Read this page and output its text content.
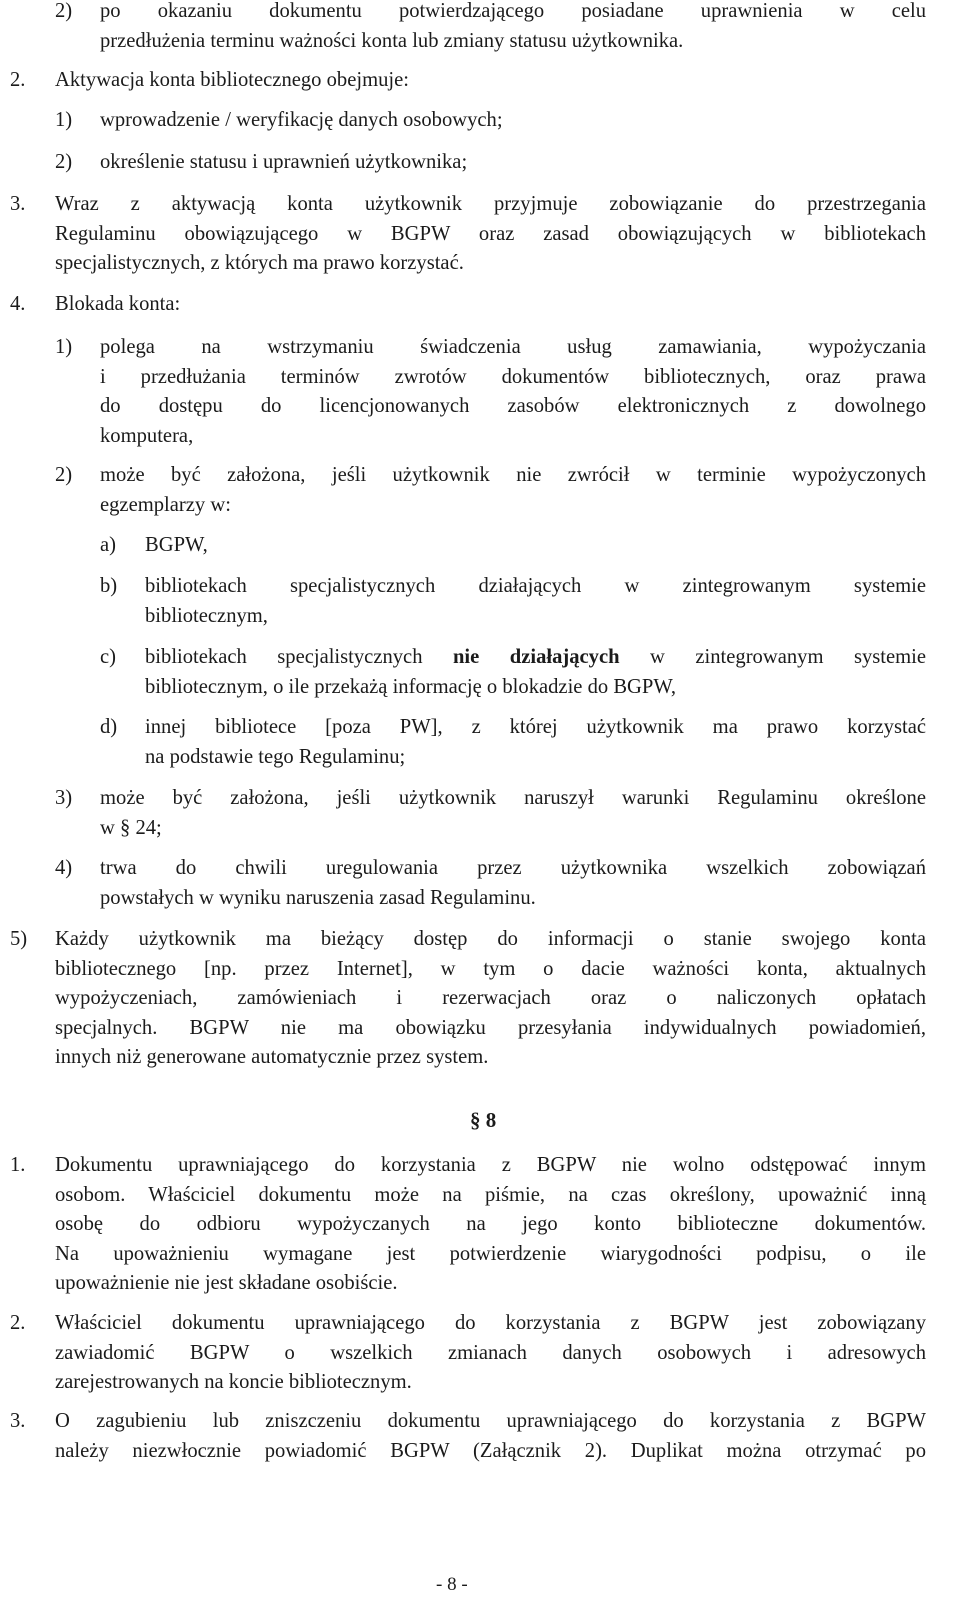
2) po okazaniu dokumentu potwierdzającego posiadane uprawnienia w celu
przedłużenia terminu ważności konta lub zmiany statusu użytkownika.
2. Aktywacja konta bibliotecznego obejmuje:
1) wprowadzenie / weryfikację danych osobowych;
2) określenie statusu i uprawnień użytkownika;
3. Wraz z aktywacją konta użytkownik przyjmuje zobowiązanie do przestrzegania
Regulaminu obowiązującego w BGPW oraz zasad obowiązujących w bibliotekach
specjalistycznych, z których ma prawo korzystać.
4. Blokada konta:
1) polega na wstrzymaniu świadczenia usług zamawiania, wypożyczania
i przedłużania terminów zwrotów dokumentów bibliotecznych, oraz prawa
do dostępu do licencjonowanych zasobów elektronicznych z dowolnego
komputera,
2) może być założona, jeśli użytkownik nie zwrócił w terminie wypożyczonych
egzemplarzy w:
a) BGPW,
b) bibliotekach specjalistycznych działających w zintegrowanym systemie
bibliotecznym,
c) bibliotekach specjalistycznych nie działających w zintegrowanym systemie
bibliotecznym, o ile przekażą informację o blokadzie do BGPW,
d) innej bibliotece [poza PW], z której użytkownik ma prawo korzystać
na podstawie tego Regulaminu;
3) może być założona, jeśli użytkownik naruszył warunki Regulaminu określone
w § 24;
4) trwa do chwili uregulowania przez użytkownika wszelkich zobowiązań
powstałych w wyniku naruszenia zasad Regulaminu.
5) Każdy użytkownik ma bieżący dostęp do informacji o stanie swojego konta
bibliotecznego [np. przez Internet], w tym o dacie ważności konta, aktualnych
wypożyczeniach, zamówieniach i rezerwacjach oraz o naliczonych opłatach
specjalnych. BGPW nie ma obowiązku przesyłania indywidualnych powiadomień,
innych niż generowane automatycznie przez system.
§ 8
1. Dokumentu uprawniającego do korzystania z BGPW nie wolno odstępować innym
osobom. Właściciel dokumentu może na piśmie, na czas określony, upoważnić inną
osobę do odbioru wypożyczanych na jego konto biblioteczne dokumentów.
Na upoważnieniu wymagane jest potwierdzenie wiarygodności podpisu, o ile
upoważnienie nie jest składane osobiście.
2. Właściciel dokumentu uprawniającego do korzystania z BGPW jest zobowiązany
zawiadomić BGPW o wszelkich zmianach danych osobowych i adresowych
zarejestrowanych na koncie bibliotecznym.
3. O zagubieniu lub zniszczeniu dokumentu uprawniającego do korzystania z BGPW
należy niezwłocznie powiadomić BGPW (Załącznik 2). Duplikat można otrzymać po
- 8 -
